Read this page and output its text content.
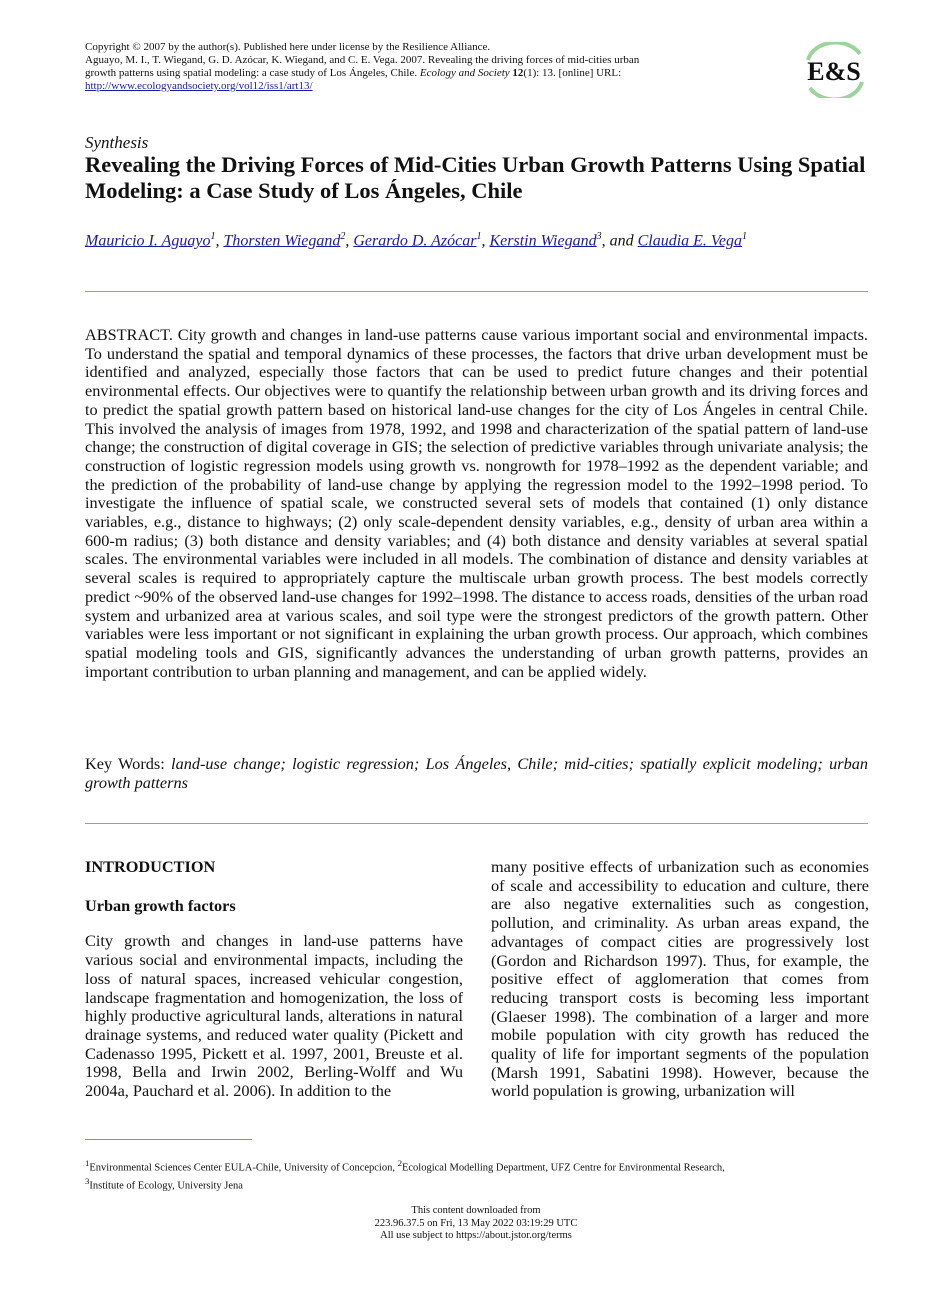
Copyright © 2007 by the author(s). Published here under license by the Resilience Alliance.
Aguayo, M. I., T. Wiegand, G. D. Azócar, K. Wiegand, and C. E. Vega. 2007. Revealing the driving forces of mid-cities urban growth patterns using spatial modeling: a case study of Los Ángeles, Chile. Ecology and Society 12(1): 13. [online] URL: http://www.ecologyandsociety.org/vol12/iss1/art13/	E&S
Synthesis
Revealing the Driving Forces of Mid-Cities Urban Growth Patterns Using Spatial Modeling: a Case Study of Los Ángeles, Chile
Mauricio I. Aguayo$^1$, Thorsten Wiegand$^2$, Gerardo D. Azócar$^1$, Kerstin Wiegand$^3$, and Claudia E. Vega$^1$
ABSTRACT. City growth and changes in land-use patterns cause various important social and environmental impacts. To understand the spatial and temporal dynamics of these processes, the factors that drive urban development must be identified and analyzed, especially those factors that can be used to predict future changes and their potential environmental effects. Our objectives were to quantify the relationship between urban growth and its driving forces and to predict the spatial growth pattern based on historical land-use changes for the city of Los Ángeles in central Chile. This involved the analysis of images from 1978, 1992, and 1998 and characterization of the spatial pattern of land-use change; the construction of digital coverage in GIS; the selection of predictive variables through univariate analysis; the construction of logistic regression models using growth vs. nongrowth for 1978–1992 as the dependent variable; and the prediction of the probability of land-use change by applying the regression model to the 1992–1998 period. To investigate the influence of spatial scale, we constructed several sets of models that contained (1) only distance variables, e.g., distance to highways; (2) only scale-dependent density variables, e.g., density of urban area within a 600-m radius; (3) both distance and density variables; and (4) both distance and density variables at several spatial scales. The environmental variables were included in all models. The combination of distance and density variables at several scales is required to appropriately capture the multiscale urban growth process. The best models correctly predict ~90% of the observed land-use changes for 1992–1998. The distance to access roads, densities of the urban road system and urbanized area at various scales, and soil type were the strongest predictors of the growth pattern. Other variables were less important or not significant in explaining the urban growth process. Our approach, which combines spatial modeling tools and GIS, significantly advances the understanding of urban growth patterns, provides an important contribution to urban planning and management, and can be applied widely.
Key Words: land-use change; logistic regression; Los Ángeles, Chile; mid-cities; spatially explicit modeling; urban growth patterns
INTRODUCTION
Urban growth factors

City growth and changes in land-use patterns have various social and environmental impacts, including the loss of natural spaces, increased vehicular congestion, landscape fragmentation and homogenization, the loss of highly productive agricultural lands, alterations in natural drainage systems, and reduced water quality (Pickett and Cadenasso 1995, Pickett et al. 1997, 2001, Breuste et al. 1998, Bella and Irwin 2002, Berling-Wolff and Wu 2004a, Pauchard et al. 2006). In addition to the

many positive effects of urbanization such as economies of scale and accessibility to education and culture, there are also negative externalities such as congestion, pollution, and criminality. As urban areas expand, the advantages of compact cities are progressively lost (Gordon and Richardson 1997). Thus, for example, the positive effect of agglomeration that comes from reducing transport costs is becoming less important (Glaeser 1998). The combination of a larger and more mobile population with city growth has reduced the quality of life for important segments of the population (Marsh 1991, Sabatini 1998). However, because the world population is growing, urbanization will

$^1$Environmental Sciences Center EULA-Chile, University of Concepcion, $^2$Ecological Modelling Department, UFZ Centre for Environmental Research,
$^3$Institute of Ecology, University Jena
This content downloaded from
223.96.37.5 on Fri, 13 May 2022 03:19:29 UTC
All use subject to https://about.jstor.org/terms
